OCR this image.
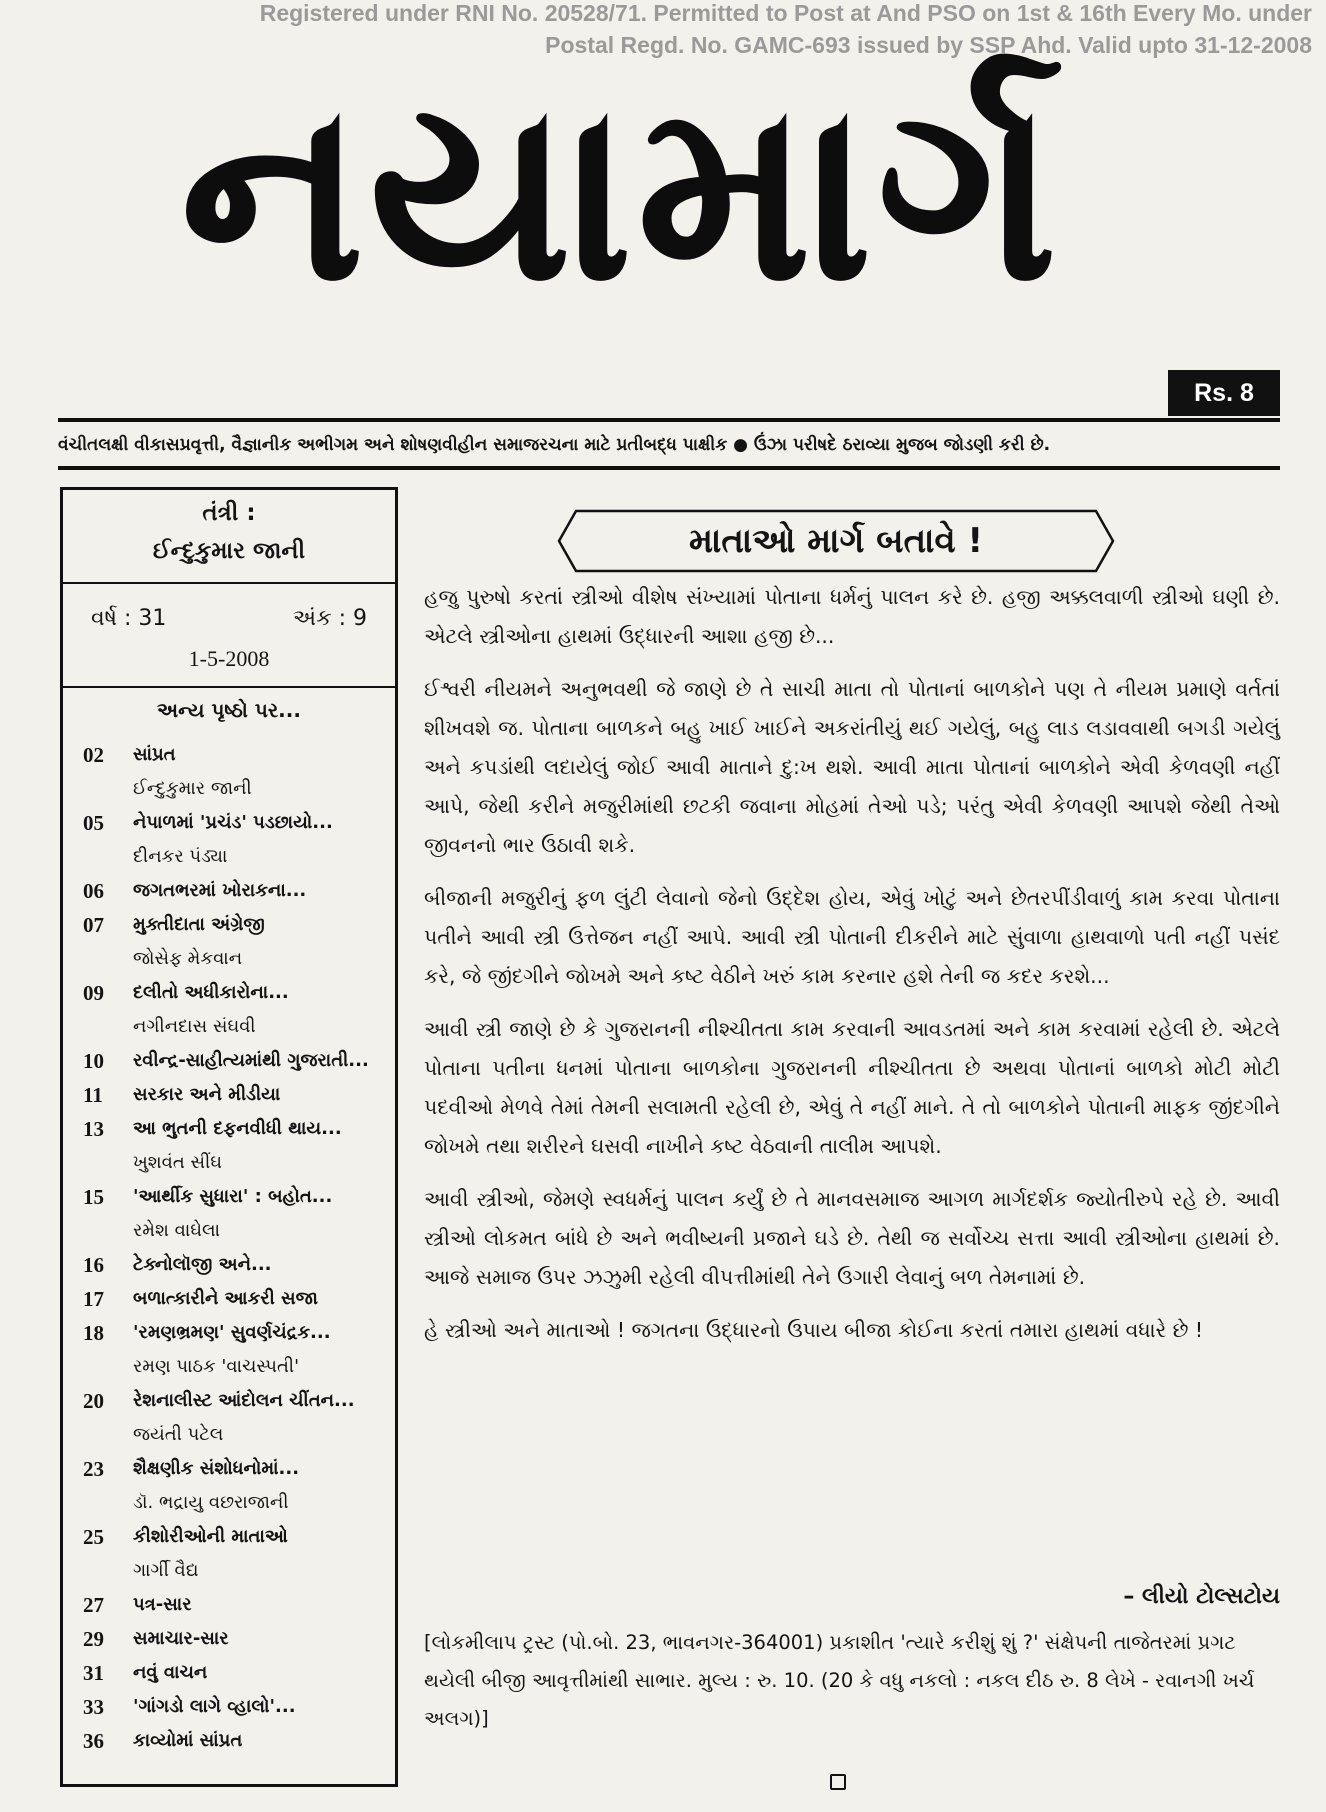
Registered under RNI No. 20528/71. Permitted to Post at And PSO on 1st & 16th Every Mo. under
Postal Regd. No. GAMC-693 issued by SSP Ahd. Valid upto 31-12-2008
નયામાર્ગ
Rs. 8
વંચીતલક્ષી વીકાસપ્રવૃત્તી, વૈજ્ઞાનીક અભીગમ અને શોષણવીહીન સમાજરચના માટે પ્રતીબદ્ધ પાક્ષીક ● ઉંઝા પરીષદે ઠરાવ્યા મુજબ જોડણી કરી છે.
તંત્રી :
ઈન્દુકુમાર જાની
વર્ષ : 31	અંક : 9
1-5-2008
અન્ય પૃષ્ઠો પર...
02	સાંપ્રત
ઈન્દુકુમાર જાની
05	નેપાળમાં 'પ્રચંડ' પડછાયો...
દીનકર પંડ્યા
06	જગતભરમાં ખોરાકના...
07	મુક્તીદાતા અંગ્રેજી
જોસેફ મેકવાન
09	દલીતો અધીકારોના...
નગીનદાસ સંઘવી
10	રવીન્દ્ર-સાહીત્યમાંથી ગુજરાતી...
11	સરકાર અને મીડીયા
13	આ ભુતની દફનવીધી થાય...
ખુશવંત સીંઘ
15	'આર્થીક સુધારા' : બહોત...
રમેશ વાઘેલા
16	ટેક્નોલૉજી અને...
17	બળાત્કારીને આકરી સજા
18	'રમણભ્રમણ' સુવર્ણચંદ્રક...
રમણ પાઠક 'વાચસ્પતી'
20	રેશનાલીસ્ટ આંદોલન ચીંતન...
જયંતી પટેલ
23	શૈક્ષણીક સંશોધનોમાં...
ડૉ. ભદ્રાયુ વછરાજાની
25	કીશોરીઓની માતાઓ
ગાર્ગી વૈદ્ય
27	પત્ર-સાર
29	સમાચાર-સાર
31	નવું વાચન
33	'ગાંગડો લાગે વ્હાલો'...
36	કાવ્યોમાં સાંપ્રત
માતાઓ માર્ગ બતાવે !

હજુ પુરુષો કરતાં સ્ત્રીઓ વીશેષ સંખ્યામાં પોતાના ધર્મનું પાલન કરે છે. હજી અક્કલવાળી સ્ત્રીઓ ઘણી છે. એટલે સ્ત્રીઓના હાથમાં ઉદ્ધારની આશા હજી છે...

ઈશ્વરી નીયમને અનુભવથી જે જાણે છે તે સાચી માતા તો પોતાનાં બાળકોને પણ તે નીયમ પ્રમાણે વર્તતાં શીખવશે જ. પોતાના બાળકને બહુ ખાઈ ખાઈને અકરાંતીયું થઈ ગયેલું, બહુ લાડ લડાવવાથી બગડી ગયેલું અને કપડાંથી લદાયેલું જોઈ આવી માતાને દુ:ખ થશે. આવી માતા પોતાનાં બાળકોને એવી કેળવણી નહીં આપે, જેથી કરીને મજુરીમાંથી છટકી જવાના મોહમાં તેઓ પડે; પરંતુ એવી કેળવણી આપશે જેથી તેઓ જીવનનો ભાર ઉઠાવી શકે.

બીજાની મજુરીનું ફળ લુંટી લેવાનો જેનો ઉદ્દેશ હોય, એવું ખોટું અને છેતરપીંડીવાળું કામ કરવા પોતાના પતીને આવી સ્ત્રી ઉત્તેજન નહીં આપે. આવી સ્ત્રી પોતાની દીકરીને માટે સુંવાળા હાથવાળો પતી નહીં પસંદ કરે, જે જીંદગીને જોખમે અને કષ્ટ વેઠીને ખરું કામ કરનાર હશે તેની જ કદર કરશે...

આવી સ્ત્રી જાણે છે કે ગુજરાનની નીશ્ચીતતા કામ કરવાની આવડતમાં અને કામ કરવામાં રહેલી છે. એટલે પોતાના પતીના ધનમાં પોતાના બાળકોના ગુજરાનની નીશ્ચીતતા છે અથવા પોતાનાં બાળકો મોટી મોટી પદવીઓ મેળવે તેમાં તેમની સલામતી રહેલી છે, એવું તે નહીં માને. તે તો બાળકોને પોતાની માફક જીંદગીને જોખમે તથા શરીરને ઘસવી નાખીને કષ્ટ વેઠવાની તાલીમ આપશે.

આવી સ્ત્રીઓ, જેમણે સ્વધર્મનું પાલન કર્યું છે તે માનવસમાજ આગળ માર્ગદર્શક જ્યોતીરુપે રહે છે. આવી સ્ત્રીઓ લોકમત બાંધે છે અને ભવીષ્યની પ્રજાને ઘડે છે. તેથી જ સર્વોચ્ચ સત્તા આવી સ્ત્રીઓના હાથમાં છે. આજે સમાજ ઉપર ઝઝુમી રહેલી વીપત્તીમાંથી તેને ઉગારી લેવાનું બળ તેમનામાં છે.

હે સ્ત્રીઓ અને માતાઓ ! જગતના ઉદ્ધારનો ઉપાય બીજા કોઈના કરતાં તમારા હાથમાં વધારે છે !

– લીયો ટોલ્સટોય
[લોકમીલાપ ટ્રસ્ટ (પો.બો. 23, ભાવનગર-364001) પ્રકાશીત 'ત્યારે કરીશું શું ?' સંક્ષેપની તાજેતરમાં પ્રગટ થયેલી બીજી આવૃત્તીમાંથી સાભાર. મુલ્ય : રુ. 10. (20 કે વધુ નકલો : નકલ દીઠ રુ. 8 લેખે - રવાનગી ખર્ચ અલગ)]
